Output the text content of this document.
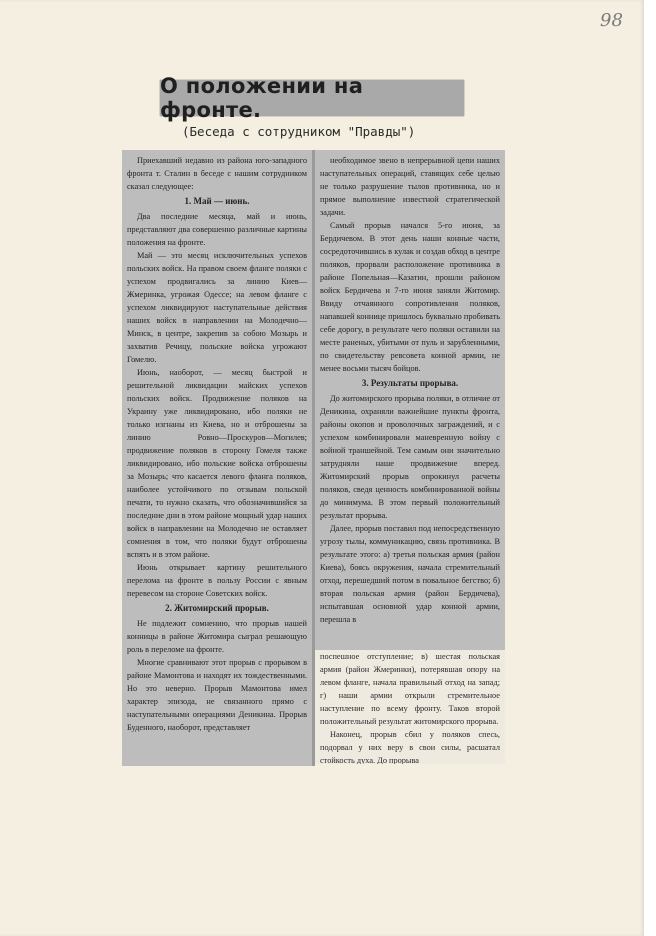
98
О положении на фронте.
(Беседа с сотрудником "Правды")

Приехавший недавно из района юго-западного фронта т. Сталин в беседе с нашим сотрудником сказал следующее:

1. Май — июнь.

Два последние месяца, май и июнь, представляют два совершенно различные картины положения на фронте.

Май — это месяц исключительных успехов польских войск. На правом своем фланге поляки с успехом продвигались за линию Киев—Жмеринка, угрожая Одессе; на левом фланге с успехом ликвидируют наступательные действия наших войск в направлении на Молодечно—Минск, в центре, закрепив за собою Мозырь и захватив Речицу, польские войска угрожают Гомелю.

Июнь, наоборот, — месяц быстрой и решительной ликвидации майских успехов польских войск. Продвижение поляков на Украину уже ликвидировано, ибо поляки не только изгнаны из Киева, но и отброшены за линию Ровно—Проскуров—Могилев; продвижение поляков в сторону Гомеля также ликвидировано, ибо польские войска отброшены за Мозырь; что касается левого фланга поляков, наиболее устойчивого по отзывам польской печати, то нужно сказать, что обозначившийся за последние дни в этом районе мощный удар наших войск в направлении на Молодечно не оставляет сомнения в том, что поляки будут отброшены вспять и в этом районе.

Июнь открывает картину решительного перелома на фронте в пользу России с явным перевесом на стороне Советских войск.

2. Житомирский прорыв.

Не подлежит сомнению, что прорыв нашей конницы в районе Житомира сыграл решающую роль в переломе на фронте.

Многие сравнивают этот прорыв с прорывом в районе Мамонтова и находят их тождественными. Но это неверно. Прорыв Мамонтова имел характер эпизода, не связанного прямо с наступательными операциями Деникина. Прорыв Буденного, наоборот, представляет

необходимое звено в непрерывной цепи наших наступательных операций, ставящих себе целью не только разрушение тылов противника, но и прямое выполнение известной стратегической задачи.

Самый прорыв начался 5-го июня, за Бердичевом. В этот день наши конные части, сосредоточившись в кулак и создав обход в центре поляков, прорвали расположение противника в районе Попельная—Казатин, прошли районом войск Бердичева и 7-го июня заняли Житомир. Ввиду отчаянного сопротивления поляков, напавшей коннице пришлось буквально пробивать себе дорогу, в результате чего поляки оставили на месте раненых, убитыми от пуль и зарубленными, по свидетельству ревсовета конной армии, не менее восьми тысяч бойцов.

3. Результаты прорыва.

До житомирского прорыва поляки, в отличие от Деникина, охраняли важнейшие пункты фронта, районы окопов и проволочных заграждений, и с успехом комбинировали маневренную войну с войной траншейной. Тем самым они значительно затрудняли наше продвижение вперед. Житомирский прорыв опрокинул расчеты поляков, сведя ценность комбинированной войны до минимума. В этом первый положительный результат прорыва.

Далее, прорыв поставил под непосредственную угрозу тылы, коммуникацию, связь противника. В результате этого: а) третья польская армия (район Киева), боясь окружения, начала стремительный отход, перешедший потом в повальное бегство; б) вторая польская армия (район Бердичева), испытавшая основной удар конной армии, перешла в

поспешное отступление; в) шестая польская армия (район Жмеринки), потерявшая опору на левом фланге, начала правильный отход на запад; г) наши армии открыли стремительное наступление по всему фронту. Таков второй положительный результат житомирского прорыва.

Наконец, прорыв сбил у поляков спесь, подорвал у них веру в свои силы, расшатал стойкость духа. До прорыва
